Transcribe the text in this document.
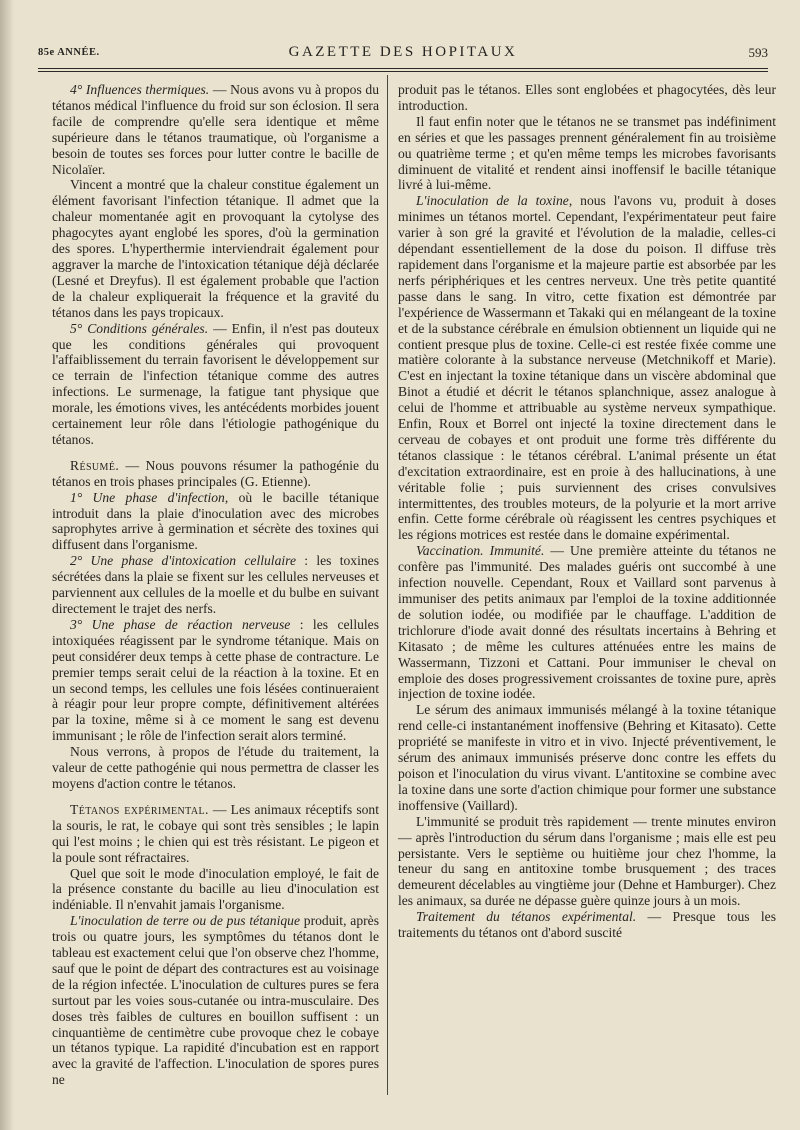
85e ANNÉE.	GAZETTE DES HOPITAUX	593

4° Influences thermiques. — Nous avons vu à propos du tétanos médical l'influence du froid sur son éclosion. Il sera facile de comprendre qu'elle sera identique et même supérieure dans le tétanos traumatique, où l'organisme a besoin de toutes ses forces pour lutter contre le bacille de Nicolaïer.

Vincent a montré que la chaleur constitue également un élément favorisant l'infection tétanique. Il admet que la chaleur momentanée agit en provoquant la cytolyse des phagocytes ayant englobé les spores, d'où la germination des spores. L'hyperthermie interviendrait également pour aggraver la marche de l'intoxication tétanique déjà déclarée (Lesné et Dreyfus). Il est également probable que l'action de la chaleur expliquerait la fréquence et la gravité du tétanos dans les pays tropicaux.

5° Conditions générales. — Enfin, il n'est pas douteux que les conditions générales qui provoquent l'affaiblissement du terrain favorisent le développement sur ce terrain de l'infection tétanique comme des autres infections. Le surmenage, la fatigue tant physique que morale, les émotions vives, les antécédents morbides jouent certainement leur rôle dans l'étiologie pathogénique du tétanos.

Résumé. — Nous pouvons résumer la pathogénie du tétanos en trois phases principales (G. Etienne).

1° Une phase d'infection, où le bacille tétanique introduit dans la plaie d'inoculation avec des microbes saprophytes arrive à germination et sécrète des toxines qui diffusent dans l'organisme.

2° Une phase d'intoxication cellulaire : les toxines sécrétées dans la plaie se fixent sur les cellules nerveuses et parviennent aux cellules de la moelle et du bulbe en suivant directement le trajet des nerfs.

3° Une phase de réaction nerveuse : les cellules intoxiquées réagissent par le syndrome tétanique. Mais on peut considérer deux temps à cette phase de contracture. Le premier temps serait celui de la réaction à la toxine. Et en un second temps, les cellules une fois lésées continueraient à réagir pour leur propre compte, définitivement altérées par la toxine, même si à ce moment le sang est devenu immunisant ; le rôle de l'infection serait alors terminé.

Nous verrons, à propos de l'étude du traitement, la valeur de cette pathogénie qui nous permettra de classer les moyens d'action contre le tétanos.

Tétanos expérimental. — Les animaux réceptifs sont la souris, le rat, le cobaye qui sont très sensibles ; le lapin qui l'est moins ; le chien qui est très résistant. Le pigeon et la poule sont réfractaires.

Quel que soit le mode d'inoculation employé, le fait de la présence constante du bacille au lieu d'inoculation est indéniable. Il n'envahit jamais l'organisme.

L'inoculation de terre ou de pus tétanique produit, après trois ou quatre jours, les symptômes du tétanos dont le tableau est exactement celui que l'on observe chez l'homme, sauf que le point de départ des contractures est au voisinage de la région infectée. L'inoculation de cultures pures se fera surtout par les voies sous-cutanée ou intra-musculaire. Des doses très faibles de cultures en bouillon suffisent : un cinquantième de centimètre cube provoque chez le cobaye un tétanos typique. La rapidité d'incubation est en rapport avec la gravité de l'affection. L'inoculation de spores pures ne

produit pas le tétanos. Elles sont englobées et phagocytées, dès leur introduction.

Il faut enfin noter que le tétanos ne se transmet pas indéfiniment en séries et que les passages prennent généralement fin au troisième ou quatrième terme ; et qu'en même temps les microbes favorisants diminuent de vitalité et rendent ainsi inoffensif le bacille tétanique livré à lui-même.

L'inoculation de la toxine, nous l'avons vu, produit à doses minimes un tétanos mortel. Cependant, l'expérimentateur peut faire varier à son gré la gravité et l'évolution de la maladie, celles-ci dépendant essentiellement de la dose du poison. Il diffuse très rapidement dans l'organisme et la majeure partie est absorbée par les nerfs périphériques et les centres nerveux. Une très petite quantité passe dans le sang. In vitro, cette fixation est démontrée par l'expérience de Wassermann et Takaki qui en mélangeant de la toxine et de la substance cérébrale en émulsion obtiennent un liquide qui ne contient presque plus de toxine. Celle-ci est restée fixée comme une matière colorante à la substance nerveuse (Metchnikoff et Marie). C'est en injectant la toxine tétanique dans un viscère abdominal que Binot a étudié et décrit le tétanos splanchnique, assez analogue à celui de l'homme et attribuable au système nerveux sympathique. Enfin, Roux et Borrel ont injecté la toxine directement dans le cerveau de cobayes et ont produit une forme très différente du tétanos classique : le tétanos cérébral. L'animal présente un état d'excitation extraordinaire, est en proie à des hallucinations, à une véritable folie ; puis surviennent des crises convulsives intermittentes, des troubles moteurs, de la polyurie et la mort arrive enfin. Cette forme cérébrale où réagissent les centres psychiques et les régions motrices est restée dans le domaine expérimental.

Vaccination. Immunité. — Une première atteinte du tétanos ne confère pas l'immunité. Des malades guéris ont succombé à une infection nouvelle. Cependant, Roux et Vaillard sont parvenus à immuniser des petits animaux par l'emploi de la toxine additionnée de solution iodée, ou modifiée par le chauffage. L'addition de trichlorure d'iode avait donné des résultats incertains à Behring et Kitasato ; de même les cultures atténuées entre les mains de Wassermann, Tizzoni et Cattani. Pour immuniser le cheval on emploie des doses progressivement croissantes de toxine pure, après injection de toxine iodée.

Le sérum des animaux immunisés mélangé à la toxine tétanique rend celle-ci instantanément inoffensive (Behring et Kitasato). Cette propriété se manifeste in vitro et in vivo. Injecté préventivement, le sérum des animaux immunisés préserve donc contre les effets du poison et l'inoculation du virus vivant. L'antitoxine se combine avec la toxine dans une sorte d'action chimique pour former une substance inoffensive (Vaillard).

L'immunité se produit très rapidement — trente minutes environ — après l'introduction du sérum dans l'organisme ; mais elle est peu persistante. Vers le septième ou huitième jour chez l'homme, la teneur du sang en antitoxine tombe brusquement ; des traces demeurent décelables au vingtième jour (Dehne et Hamburger). Chez les animaux, sa durée ne dépasse guère quinze jours à un mois.

Traitement du tétanos expérimental. — Presque tous les traitements du tétanos ont d'abord suscité
